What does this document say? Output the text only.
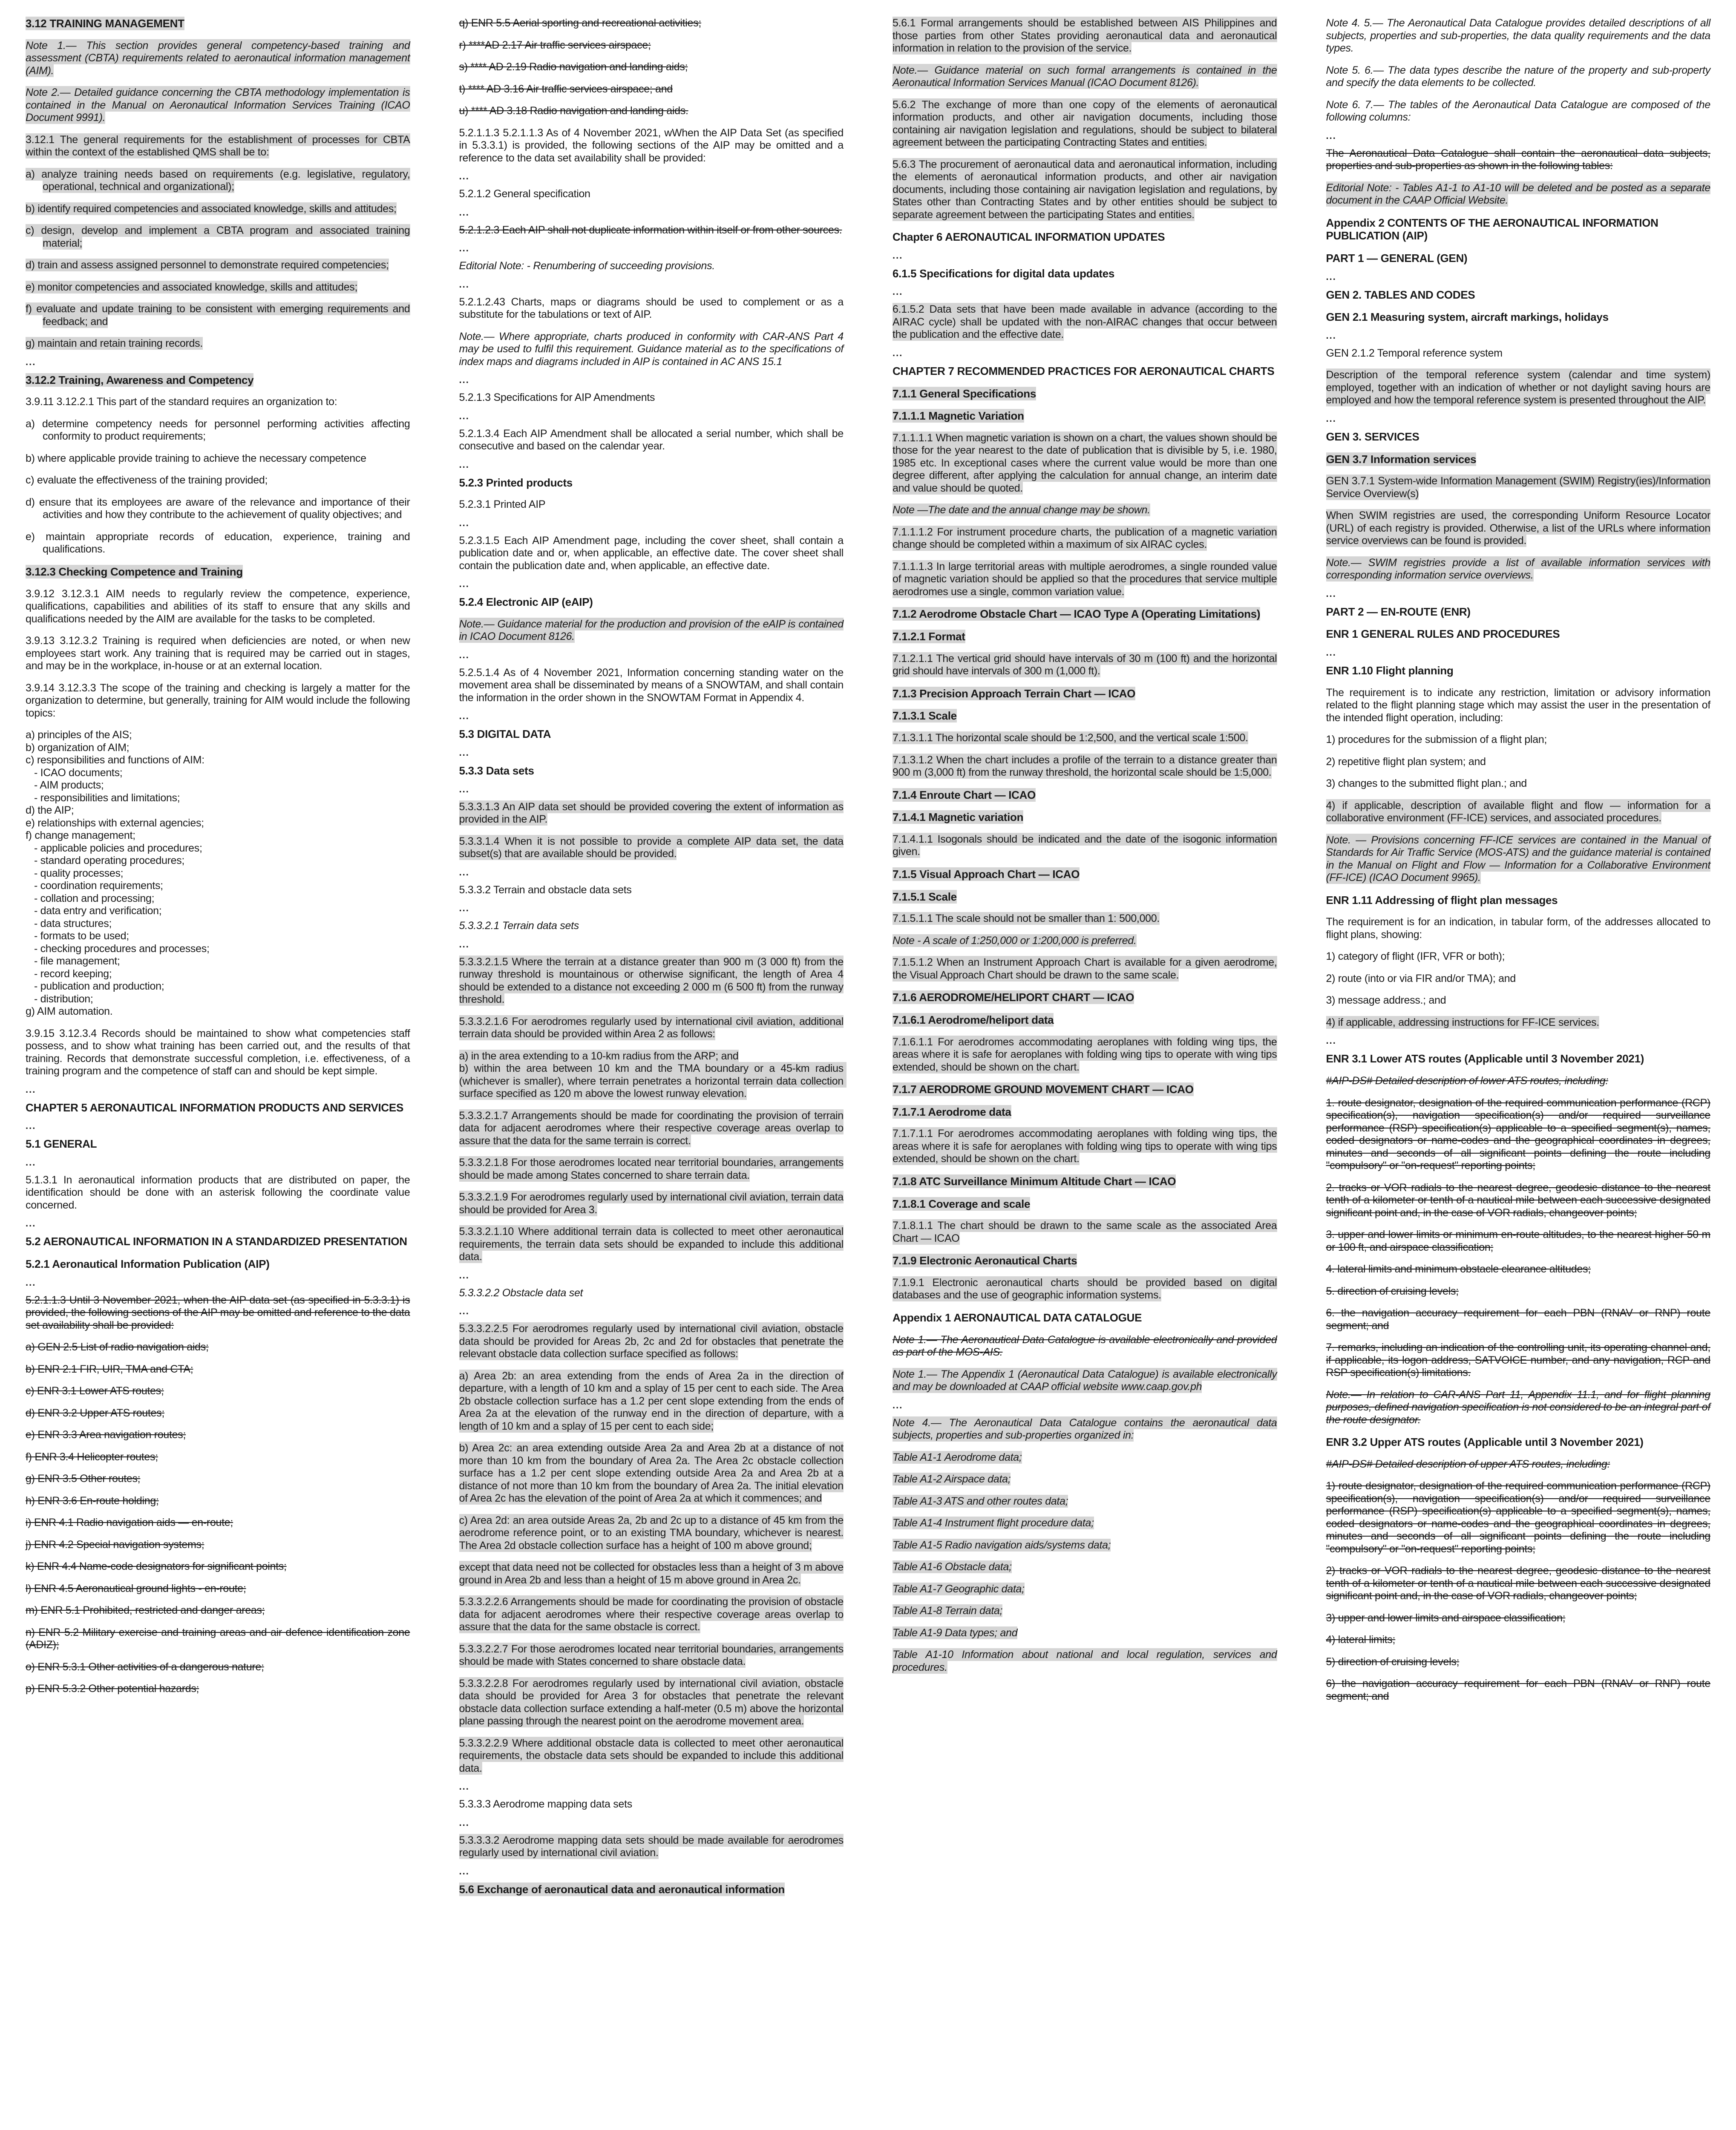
3.12 TRAINING MANAGEMENT
Note 1.— This section provides general competency-based training and assessment (CBTA) requirements related to aeronautical information management (AIM).
Note 2.— Detailed guidance concerning the CBTA methodology implementation is contained in the Manual on Aeronautical Information Services Training (ICAO Document 9991).
3.12.1 The general requirements for the establishment of processes for CBTA within the context of the established QMS shall be to:
a) analyze training needs based on requirements (e.g. legislative, regulatory, operational, technical and organizational);
b) identify required competencies and associated knowledge, skills and attitudes;
c) design, develop and implement a CBTA program and associated training material;
d) train and assess assigned personnel to demonstrate required competencies;
e) monitor competencies and associated knowledge, skills and attitudes;
f) evaluate and update training to be consistent with emerging requirements and feedback; and
g) maintain and retain training records.
...
3.12.2 Training, Awareness and Competency
3.9.11 3.12.2.1 This part of the standard requires an organization to:
a) determine competency needs for personnel performing activities affecting conformity to product requirements;
b) where applicable provide training to achieve the necessary competence
c) evaluate the effectiveness of the training provided;
d) ensure that its employees are aware of the relevance and importance of their activities and how they contribute to the achievement of quality objectives; and
e) maintain appropriate records of education, experience, training and qualifications.
3.12.3 Checking Competence and Training
3.9.12 3.12.3.1 AIM needs to regularly review the competence, experience, qualifications, capabilities and abilities of its staff to ensure that any skills and qualifications needed by the AIM are available for the tasks to be completed.
3.9.13 3.12.3.2 Training is required when deficiencies are noted, or when new employees start work. Any training that is required may be carried out in stages, and may be in the workplace, in-house or at an external location.
3.9.14 3.12.3.3 The scope of the training and checking is largely a matter for the organization to determine, but generally, training for AIM would include the following topics:
a) principles of the AIS;
b) organization of AIM;
c) responsibilities and functions of AIM:
- ICAO documents;
- AIM products;
- responsibilities and limitations;
d) the AIP;
e) relationships with external agencies;
f) change management;
- applicable policies and procedures;
- standard operating procedures;
- quality processes;
- coordination requirements;
- collation and processing;
- data entry and verification;
- data structures;
- formats to be used;
- checking procedures and processes;
- file management;
- record keeping;
- publication and production;
- distribution;
g) AIM automation.
3.9.15 3.12.3.4 Records should be maintained to show what competencies staff possess, and to show what training has been carried out, and the results of that training. Records that demonstrate successful completion, i.e. effectiveness, of a training program and the competence of staff can and should be kept simple.
...
CHAPTER 5 AERONAUTICAL INFORMATION PRODUCTS AND SERVICES
...
5.1 GENERAL
...
5.1.3.1 In aeronautical information products that are distributed on paper, the identification should be done with an asterisk following the coordinate value concerned.
...
5.2 AERONAUTICAL INFORMATION IN A STANDARDIZED PRESENTATION
5.2.1 Aeronautical Information Publication (AIP)
...
5.2.1.1.3 Until 3 November 2021, when the AIP data set (as specified in 5.3.3.1) is provided, the following sections of the AIP may be omitted and reference to the data set availability shall be provided:
a) GEN 2.5 List of radio navigation aids;
b) ENR 2.1 FIR, UIR, TMA and CTA;
c) ENR 3.1 Lower ATS routes;
d) ENR 3.2 Upper ATS routes;
e) ENR 3.3 Area navigation routes;
f) ENR 3.4 Helicopter routes;
g) ENR 3.5 Other routes;
h) ENR 3.6 En-route holding;
i) ENR 4.1 Radio navigation aids — en-route;
j) ENR 4.2 Special navigation systems;
k) ENR 4.4 Name-code designators for significant points;
l) ENR 4.5 Aeronautical ground lights - en-route;
m) ENR 5.1 Prohibited, restricted and danger areas;
n) ENR 5.2 Military exercise and training areas and air defence identification zone (ADIZ);
o) ENR 5.3.1 Other activities of a dangerous nature;
p) ENR 5.3.2 Other potential hazards;
q) ENR 5.5 Aerial sporting and recreational activities;
r) ****AD 2.17 Air traffic services airspace;
s) **** AD 2.19 Radio navigation and landing aids;
t) **** AD 3.16 Air traffic services airspace; and
u) **** AD 3.18 Radio navigation and landing aids.
5.2.1.1.3 5.2.1.1.3 As of 4 November 2021, wWhen the AIP Data Set (as specified in 5.3.3.1) is provided, the following sections of the AIP may be omitted and a reference to the data set availability shall be provided:
...
5.2.1.2 General specification
...
5.2.1.2.3 Each AIP shall not duplicate information within itself or from other sources.
...
Editorial Note: - Renumbering of succeeding provisions.
...
5.2.1.2.43 Charts, maps or diagrams should be used to complement or as a substitute for the tabulations or text of AIP.
Note.— Where appropriate, charts produced in conformity with CAR-ANS Part 4 may be used to fulfil this requirement. Guidance material as to the specifications of index maps and diagrams included in AIP is contained in AC ANS 15.1
...
5.2.1.3 Specifications for AIP Amendments
...
5.2.1.3.4 Each AIP Amendment shall be allocated a serial number, which shall be consecutive and based on the calendar year.
...
5.2.3 Printed products
5.2.3.1 Printed AIP
...
5.2.3.1.5 Each AIP Amendment page, including the cover sheet, shall contain a publication date and or, when applicable, an effective date. The cover sheet shall contain the publication date and, when applicable, an effective date.
...
5.2.4 Electronic AIP (eAIP)
Note.— Guidance material for the production and provision of the eAIP is contained in ICAO Document 8126.
...
5.2.5.1.4 As of 4 November 2021, Information concerning standing water on the movement area shall be disseminated by means of a SNOWTAM, and shall contain the information in the order shown in the SNOWTAM Format in Appendix 4.
...
5.3 DIGITAL DATA
...
5.3.3 Data sets
...
5.3.3.1.3 An AIP data set should be provided covering the extent of information as provided in the AIP.
5.3.3.1.4 When it is not possible to provide a complete AIP data set, the data subset(s) that are available should be provided.
...
5.3.3.2 Terrain and obstacle data sets
...
5.3.3.2.1 Terrain data sets
...
5.3.3.2.1.5 Where the terrain at a distance greater than 900 m (3 000 ft) from the runway threshold is mountainous or otherwise significant, the length of Area 4 should be extended to a distance not exceeding 2 000 m (6 500 ft) from the runway threshold.
5.3.3.2.1.6 For aerodromes regularly used by international civil aviation, additional terrain data should be provided within Area 2 as follows:
a) in the area extending to a 10-km radius from the ARP; and
b) within the area between 10 km and the TMA boundary or a 45-km radius (whichever is smaller), where terrain penetrates a horizontal terrain data collection surface specified as 120 m above the lowest runway elevation.
5.3.3.2.1.7 Arrangements should be made for coordinating the provision of terrain data for adjacent aerodromes where their respective coverage areas overlap to assure that the data for the same terrain is correct.
5.3.3.2.1.8 For those aerodromes located near territorial boundaries, arrangements should be made among States concerned to share terrain data.
5.3.3.2.1.9 For aerodromes regularly used by international civil aviation, terrain data should be provided for Area 3.
5.3.3.2.1.10 Where additional terrain data is collected to meet other aeronautical requirements, the terrain data sets should be expanded to include this additional data.
...
5.3.3.2.2 Obstacle data set
...
5.3.3.2.2.5 For aerodromes regularly used by international civil aviation, obstacle data should be provided for Areas 2b, 2c and 2d for obstacles that penetrate the relevant obstacle data collection surface specified as follows:
a) Area 2b: an area extending from the ends of Area 2a in the direction of departure, with a length of 10 km and a splay of 15 per cent to each side. The Area 2b obstacle collection surface has a 1.2 per cent slope extending from the ends of Area 2a at the elevation of the runway end in the direction of departure, with a length of 10 km and a splay of 15 per cent to each side;
b) Area 2c: an area extending outside Area 2a and Area 2b at a distance of not more than 10 km from the boundary of Area 2a. The Area 2c obstacle collection surface has a 1.2 per cent slope extending outside Area 2a and Area 2b at a distance of not more than 10 km from the boundary of Area 2a. The initial elevation of Area 2c has the elevation of the point of Area 2a at which it commences; and
c) Area 2d: an area outside Areas 2a, 2b and 2c up to a distance of 45 km from the aerodrome reference point, or to an existing TMA boundary, whichever is nearest. The Area 2d obstacle collection surface has a height of 100 m above ground;
except that data need not be collected for obstacles less than a height of 3 m above ground in Area 2b and less than a height of 15 m above ground in Area 2c.
5.3.3.2.2.6 Arrangements should be made for coordinating the provision of obstacle data for adjacent aerodromes where their respective coverage areas overlap to assure that the data for the same obstacle is correct.
5.3.3.2.2.7 For those aerodromes located near territorial boundaries, arrangements should be made with States concerned to share obstacle data.
5.3.3.2.2.8 For aerodromes regularly used by international civil aviation, obstacle data should be provided for Area 3 for obstacles that penetrate the relevant obstacle data collection surface extending a half-meter (0.5 m) above the horizontal plane passing through the nearest point on the aerodrome movement area.
5.3.3.2.2.9 Where additional obstacle data is collected to meet other aeronautical requirements, the obstacle data sets should be expanded to include this additional data.
...
5.3.3.3 Aerodrome mapping data sets
...
5.3.3.3.2 Aerodrome mapping data sets should be made available for aerodromes regularly used by international civil aviation.
...
5.6 Exchange of aeronautical data and aeronautical information
5.6.1 Formal arrangements should be established between AIS Philippines and those parties from other States providing aeronautical data and aeronautical information in relation to the provision of the service.
Note.— Guidance material on such formal arrangements is contained in the Aeronautical Information Services Manual (ICAO Document 8126).
5.6.2 The exchange of more than one copy of the elements of aeronautical information products, and other air navigation documents, including those containing air navigation legislation and regulations, should be subject to bilateral agreement between the participating Contracting States and entities.
5.6.3 The procurement of aeronautical data and aeronautical information, including the elements of aeronautical information products, and other air navigation documents, including those containing air navigation legislation and regulations, by States other than Contracting States and by other entities should be subject to separate agreement between the participating States and entities.
Chapter 6 AERONAUTICAL INFORMATION UPDATES
...
6.1.5 Specifications for digital data updates
...
6.1.5.2 Data sets that have been made available in advance (according to the AIRAC cycle) shall be updated with the non-AIRAC changes that occur between the publication and the effective date.
...
CHAPTER 7 RECOMMENDED PRACTICES FOR AERONAUTICAL CHARTS
7.1.1 General Specifications
7.1.1.1 Magnetic Variation
7.1.1.1.1 When magnetic variation is shown on a chart, the values shown should be those for the year nearest to the date of publication that is divisible by 5, i.e. 1980, 1985 etc. In exceptional cases where the current value would be more than one degree different, after applying the calculation for annual change, an interim date and value should be quoted.
Note —The date and the annual change may be shown.
7.1.1.1.2 For instrument procedure charts, the publication of a magnetic variation change should be completed within a maximum of six AIRAC cycles.
7.1.1.1.3 In large territorial areas with multiple aerodromes, a single rounded value of magnetic variation should be applied so that the procedures that service multiple aerodromes use a single, common variation value.
7.1.2 Aerodrome Obstacle Chart — ICAO Type A (Operating Limitations)
7.1.2.1 Format
7.1.2.1.1 The vertical grid should have intervals of 30 m (100 ft) and the horizontal grid should have intervals of 300 m (1,000 ft).
7.1.3 Precision Approach Terrain Chart — ICAO
7.1.3.1 Scale
7.1.3.1.1 The horizontal scale should be 1:2,500, and the vertical scale 1:500.
7.1.3.1.2 When the chart includes a profile of the terrain to a distance greater than 900 m (3,000 ft) from the runway threshold, the horizontal scale should be 1:5,000.
7.1.4 Enroute Chart — ICAO
7.1.4.1 Magnetic variation
7.1.4.1.1 Isogonals should be indicated and the date of the isogonic information given.
7.1.5 Visual Approach Chart — ICAO
7.1.5.1 Scale
7.1.5.1.1 The scale should not be smaller than 1: 500,000.
Note - A scale of 1:250,000 or 1:200,000 is preferred.
7.1.5.1.2 When an Instrument Approach Chart is available for a given aerodrome, the Visual Approach Chart should be drawn to the same scale.
7.1.6 AERODROME/HELIPORT CHART — ICAO
7.1.6.1 Aerodrome/heliport data
7.1.6.1.1 For aerodromes accommodating aeroplanes with folding wing tips, the areas where it is safe for aeroplanes with folding wing tips to operate with wing tips extended, should be shown on the chart.
7.1.7 AERODROME GROUND MOVEMENT CHART — ICAO
7.1.7.1 Aerodrome data
7.1.7.1.1 For aerodromes accommodating aeroplanes with folding wing tips, the areas where it is safe for aeroplanes with folding wing tips to operate with wing tips extended, should be shown on the chart.
7.1.8 ATC Surveillance Minimum Altitude Chart — ICAO
7.1.8.1 Coverage and scale
7.1.8.1.1 The chart should be drawn to the same scale as the associated Area Chart — ICAO
7.1.9 Electronic Aeronautical Charts
7.1.9.1 Electronic aeronautical charts should be provided based on digital databases and the use of geographic information systems.
Appendix 1 AERONAUTICAL DATA CATALOGUE
Note 1.— The Aeronautical Data Catalogue is available electronically and provided as part of the MOS-AIS.
Note 1.— The Appendix 1 (Aeronautical Data Catalogue) is available electronically and may be downloaded at CAAP official website www.caap.gov.ph
...
Note 4.— The Aeronautical Data Catalogue contains the aeronautical data subjects, properties and sub-properties organized in:
Table A1-1 Aerodrome data;
Table A1-2 Airspace data;
Table A1-3 ATS and other routes data;
Table A1-4 Instrument flight procedure data;
Table A1-5 Radio navigation aids/systems data;
Table A1-6 Obstacle data;
Table A1-7 Geographic data;
Table A1-8 Terrain data;
Table A1-9 Data types; and
Table A1-10 Information about national and local regulation, services and procedures.
Note 4. 5.— The Aeronautical Data Catalogue provides detailed descriptions of all subjects, properties and sub-properties, the data quality requirements and the data types.
Note 5. 6.— The data types describe the nature of the property and sub-property and specify the data elements to be collected.
Note 6. 7.— The tables of the Aeronautical Data Catalogue are composed of the following columns:
...
The Aeronautical Data Catalogue shall contain the aeronautical data subjects, properties and sub-properties as shown in the following tables:
Editorial Note: - Tables A1-1 to A1-10 will be deleted and be posted as a separate document in the CAAP Official Website.
Appendix 2 CONTENTS OF THE AERONAUTICAL INFORMATION PUBLICATION (AIP)
PART 1 — GENERAL (GEN)
...
GEN 2. TABLES AND CODES
GEN 2.1 Measuring system, aircraft markings, holidays
...
GEN 2.1.2 Temporal reference system
Description of the temporal reference system (calendar and time system) employed, together with an indication of whether or not daylight saving hours are employed and how the temporal reference system is presented throughout the AIP.
...
GEN 3. SERVICES
GEN 3.7 Information services
GEN 3.7.1 System-wide Information Management (SWIM) Registry(ies)/Information Service Overview(s)
When SWIM registries are used, the corresponding Uniform Resource Locator (URL) of each registry is provided. Otherwise, a list of the URLs where information service overviews can be found is provided.
Note.— SWIM registries provide a list of available information services with corresponding information service overviews.
...
PART 2 — EN-ROUTE (ENR)
ENR 1 GENERAL RULES AND PROCEDURES
...
ENR 1.10 Flight planning
The requirement is to indicate any restriction, limitation or advisory information related to the flight planning stage which may assist the user in the presentation of the intended flight operation, including:
1) procedures for the submission of a flight plan;
2) repetitive flight plan system; and
3) changes to the submitted flight plan.; and
4) if applicable, description of available flight and flow — information for a collaborative environment (FF-ICE) services, and associated procedures.
Note. — Provisions concerning FF-ICE services are contained in the Manual of Standards for Air Traffic Service (MOS-ATS) and the guidance material is contained in the Manual on Flight and Flow — Information for a Collaborative Environment (FF-ICE) (ICAO Document 9965).
ENR 1.11 Addressing of flight plan messages
The requirement is for an indication, in tabular form, of the addresses allocated to flight plans, showing:
1) category of flight (IFR, VFR or both);
2) route (into or via FIR and/or TMA); and
3) message address.; and
4) if applicable, addressing instructions for FF-ICE services.
...
ENR 3.1 Lower ATS routes (Applicable until 3 November 2021)
#AIP-DS# Detailed description of lower ATS routes, including:
1. route designator, designation of the required communication performance (RCP) specification(s), navigation specification(s) and/or required surveillance performance (RSP) specification(s) applicable to a specified segment(s), names, coded designators or name-codes and the geographical coordinates in degrees, minutes and seconds of all significant points defining the route including "compulsory" or "on-request" reporting points;
2. tracks or VOR radials to the nearest degree, geodesic distance to the nearest tenth of a kilometer or tenth of a nautical mile between each successive designated significant point and, in the case of VOR radials, changeover points;
3. upper and lower limits or minimum en-route altitudes, to the nearest higher 50 m or 100 ft, and airspace classification;
4. lateral limits and minimum obstacle clearance altitudes;
5. direction of cruising levels;
6. the navigation accuracy requirement for each PBN (RNAV or RNP) route segment; and
7. remarks, including an indication of the controlling unit, its operating channel and, if applicable, its logon address, SATVOICE number, and any navigation, RCP and RSP specification(s) limitations.
Note.— In relation to CAR-ANS Part 11, Appendix 11.1, and for flight planning purposes, defined navigation specification is not considered to be an integral part of the route designator.
ENR 3.2 Upper ATS routes (Applicable until 3 November 2021)
#AIP-DS# Detailed description of upper ATS routes, including:
1) route designator, designation of the required communication performance (RCP) specification(s), navigation specification(s) and/or required surveillance performance (RSP) specification(s) applicable to a specified segment(s), names, coded designators or name-codes and the geographical coordinates in degrees, minutes and seconds of all significant points defining the route including "compulsory" or "on-request" reporting points;
2) tracks or VOR radials to the nearest degree, geodesic distance to the nearest tenth of a kilometer or tenth of a nautical mile between each successive designated significant point and, in the case of VOR radials, changeover points;
3) upper and lower limits and airspace classification;
4) lateral limits;
5) direction of cruising levels;
6) the navigation accuracy requirement for each PBN (RNAV or RNP) route segment; and
